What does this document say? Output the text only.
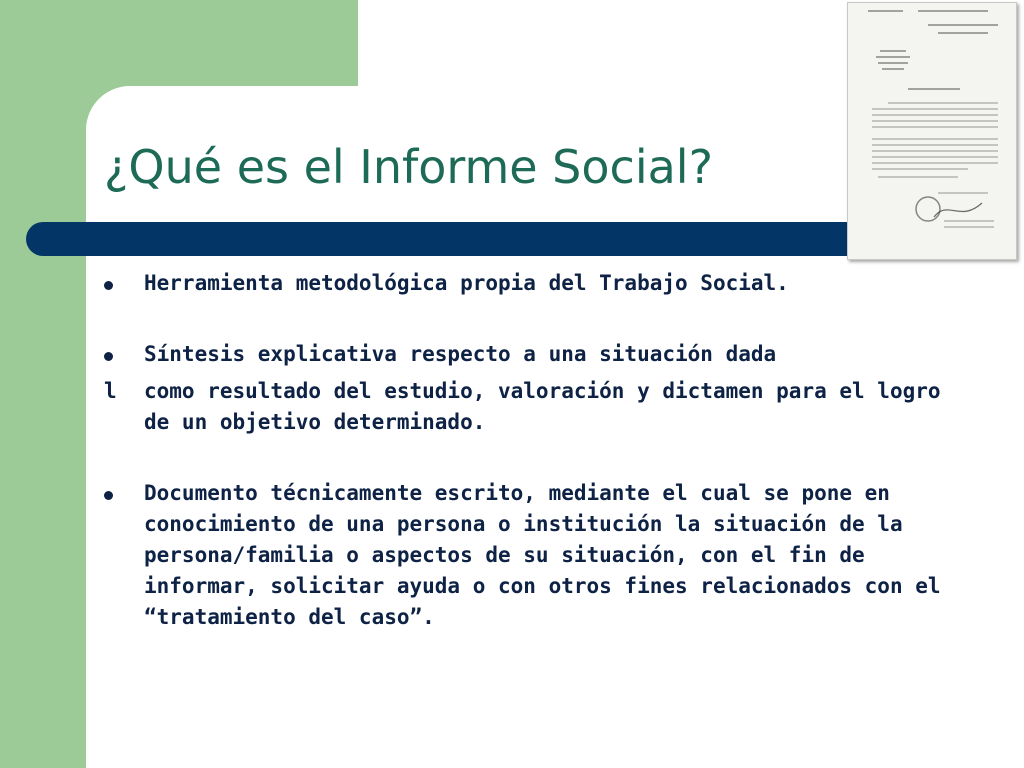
¿Qué es el Informe Social?
Herramienta metodológica propia del Trabajo Social.
Síntesis explicativa respecto a una situación dada
l	como resultado del estudio, valoración y dictamen para el logro de un objetivo determinado.
Documento técnicamente escrito, mediante el cual se pone en conocimiento de una persona o institución la situación de la persona/familia o aspectos de su situación, con el fin de informar, solicitar ayuda o con otros fines relacionados con el “tratamiento del caso”.
